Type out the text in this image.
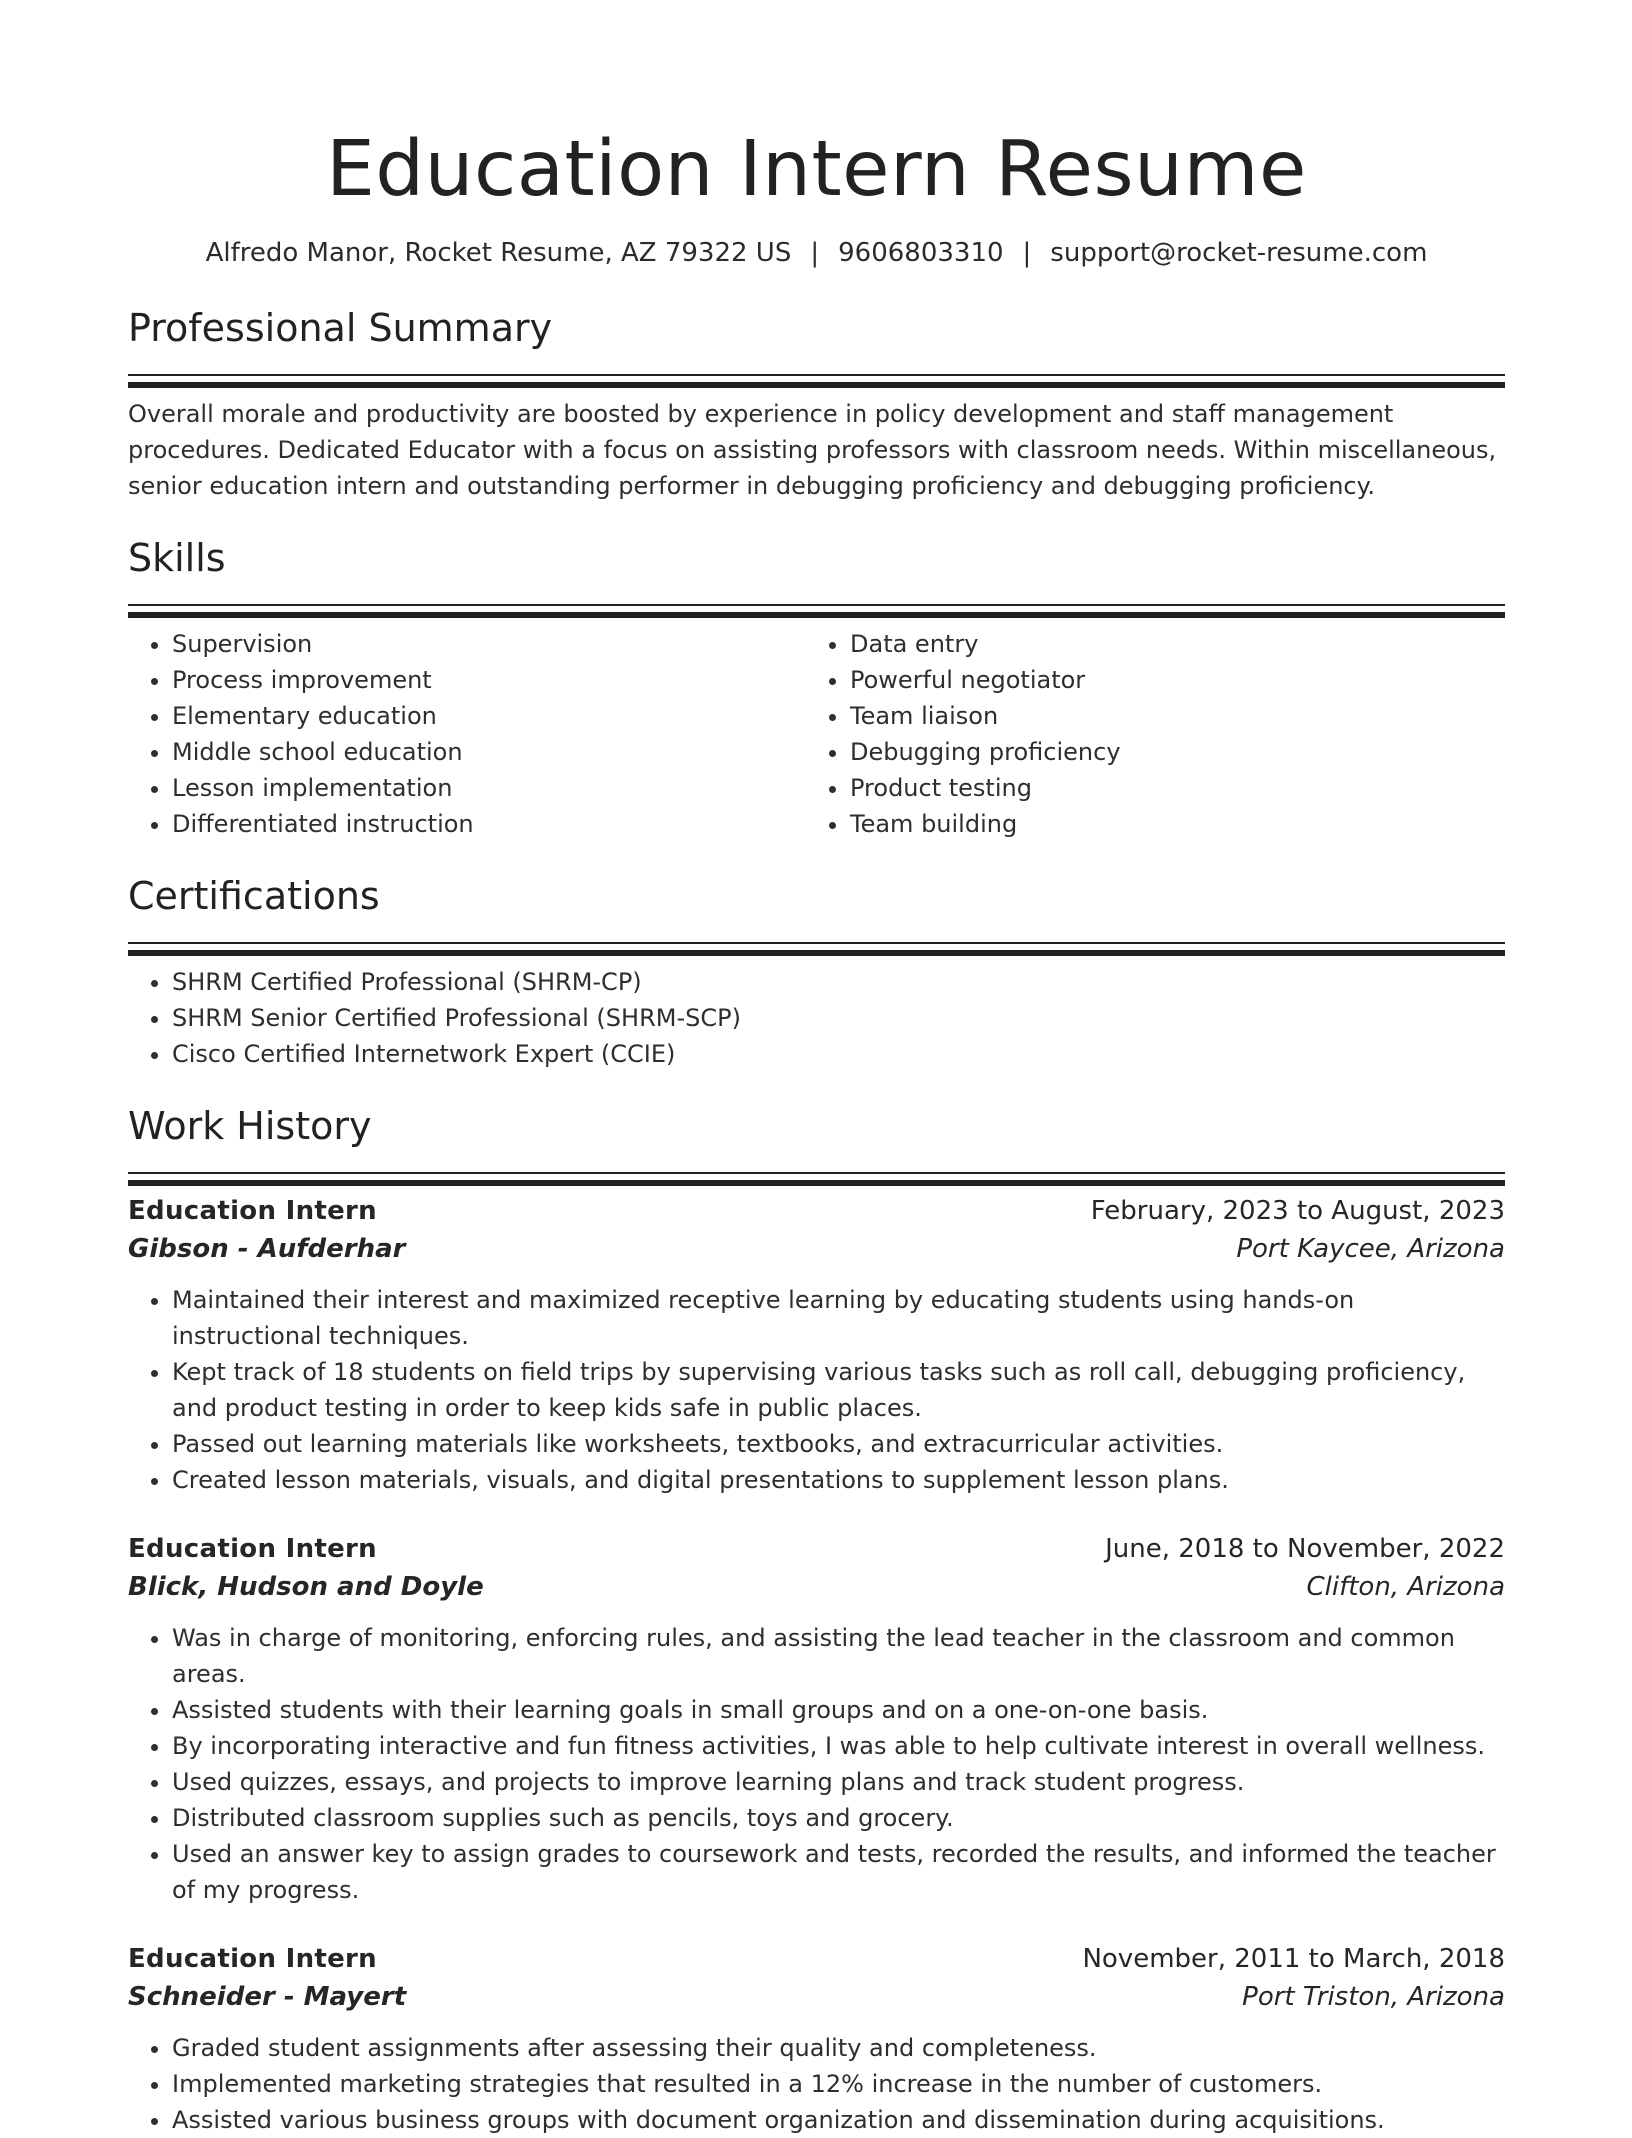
Education Intern Resume
Alfredo Manor, Rocket Resume, AZ 79322 US | 9606803310 | support@rocket-resume.com
Professional Summary

Overall morale and productivity are boosted by experience in policy development and staff management procedures. Dedicated Educator with a focus on assisting professors with classroom needs. Within miscellaneous, senior education intern and outstanding performer in debugging proficiency and debugging proficiency.

Skills
• Supervision
• Process improvement
• Elementary education
• Middle school education
• Lesson implementation
• Differentiated instruction
• Data entry
• Powerful negotiator
• Team liaison
• Debugging proficiency
• Product testing
• Team building
Certifications
• SHRM Certified Professional (SHRM-CP)
• SHRM Senior Certified Professional (SHRM-SCP)
• Cisco Certified Internetwork Expert (CCIE)
Work History
Education Intern	February, 2023 to August, 2023
Gibson - Aufderhar	Port Kaycee, Arizona
• Maintained their interest and maximized receptive learning by educating students using hands-on instructional techniques.
• Kept track of 18 students on field trips by supervising various tasks such as roll call, debugging proficiency, and product testing in order to keep kids safe in public places.
• Passed out learning materials like worksheets, textbooks, and extracurricular activities.
• Created lesson materials, visuals, and digital presentations to supplement lesson plans.
Education Intern	June, 2018 to November, 2022
Blick, Hudson and Doyle	Clifton, Arizona
• Was in charge of monitoring, enforcing rules, and assisting the lead teacher in the classroom and common areas.
• Assisted students with their learning goals in small groups and on a one-on-one basis.
• By incorporating interactive and fun fitness activities, I was able to help cultivate interest in overall wellness.
• Used quizzes, essays, and projects to improve learning plans and track student progress.
• Distributed classroom supplies such as pencils, toys and grocery.
• Used an answer key to assign grades to coursework and tests, recorded the results, and informed the teacher of my progress.
Education Intern	November, 2011 to March, 2018
Schneider - Mayert	Port Triston, Arizona
• Graded student assignments after assessing their quality and completeness.
• Implemented marketing strategies that resulted in a 12% increase in the number of customers.
• Assisted various business groups with document organization and dissemination during acquisitions.
